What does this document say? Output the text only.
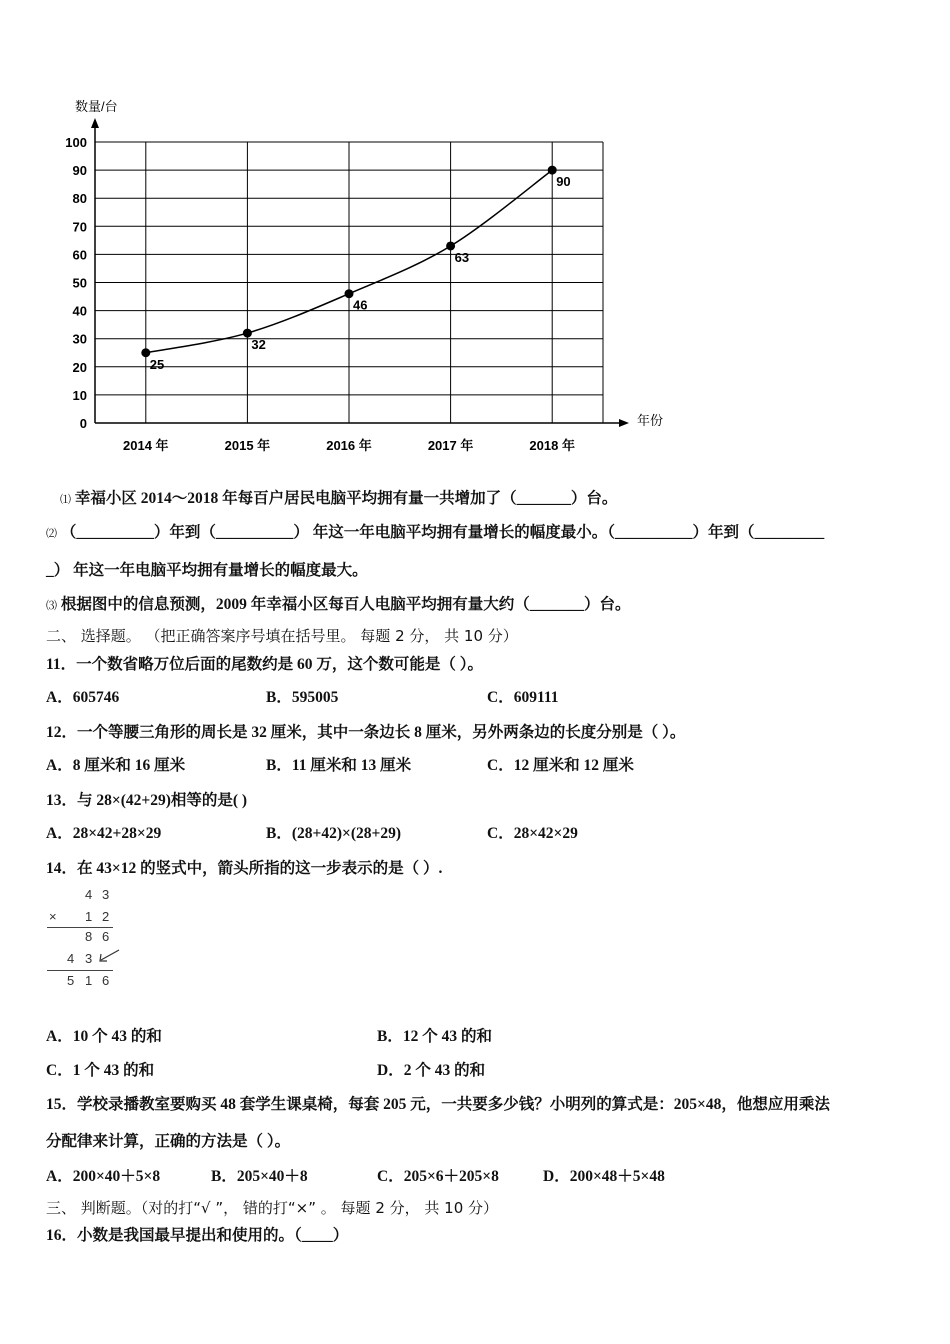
数量/台
年份
0
10
20
30
40
50
60
70
80
90
100
2014 年	2015 年	2016 年	2017 年	2018 年
25
32
46
63
90
⑴ 幸福小区 2014～2018 年每百户居民电脑平均拥有量一共增加了（_______）台。
⑵ （__________）年到（__________） 年这一年电脑平均拥有量增长的幅度最小。（__________）年到（_________
_） 年这一年电脑平均拥有量增长的幅度最大。
⑶ 根据图中的信息预测，2009 年幸福小区每百人电脑平均拥有量大约（_______）台。
二、 选择题。 （把正确答案序号填在括号里。 每题 2 分， 共 10 分）
11．一个数省略万位后面的尾数约是 60 万，这个数可能是（ ）。
A．605746	B．595005	C．609111
12．一个等腰三角形的周长是 32 厘米，其中一条边长 8 厘米，另外两条边的长度分别是（ ）。
A．8 厘米和 16 厘米	B．11 厘米和 13 厘米	C．12 厘米和 12 厘米
13．与 28×(42+29)相等的是( )
A．28×42+28×29	B．(28+42)×(28+29)	C．28×42×29
14．在 43×12 的竖式中，箭头所指的这一步表示的是（ ）.
4 3
× 1 2
8 6
4 3
5 1 6
A．10 个 43 的和	B．12 个 43 的和
C．1 个 43 的和	D．2 个 43 的和
15．学校录播教室要购买 48 套学生课桌椅，每套 205 元，一共要多少钱？小明列的算式是：205×48，他想应用乘法
分配律来计算，正确的方法是（ ）。
A．200×40＋5×8	B．205×40＋8	C．205×6＋205×8	D．200×48＋5×48
三、 判断题。（对的打“√ ”， 错的打“×” 。 每题 2 分， 共 10 分）
16．小数是我国最早提出和使用的。（____）
